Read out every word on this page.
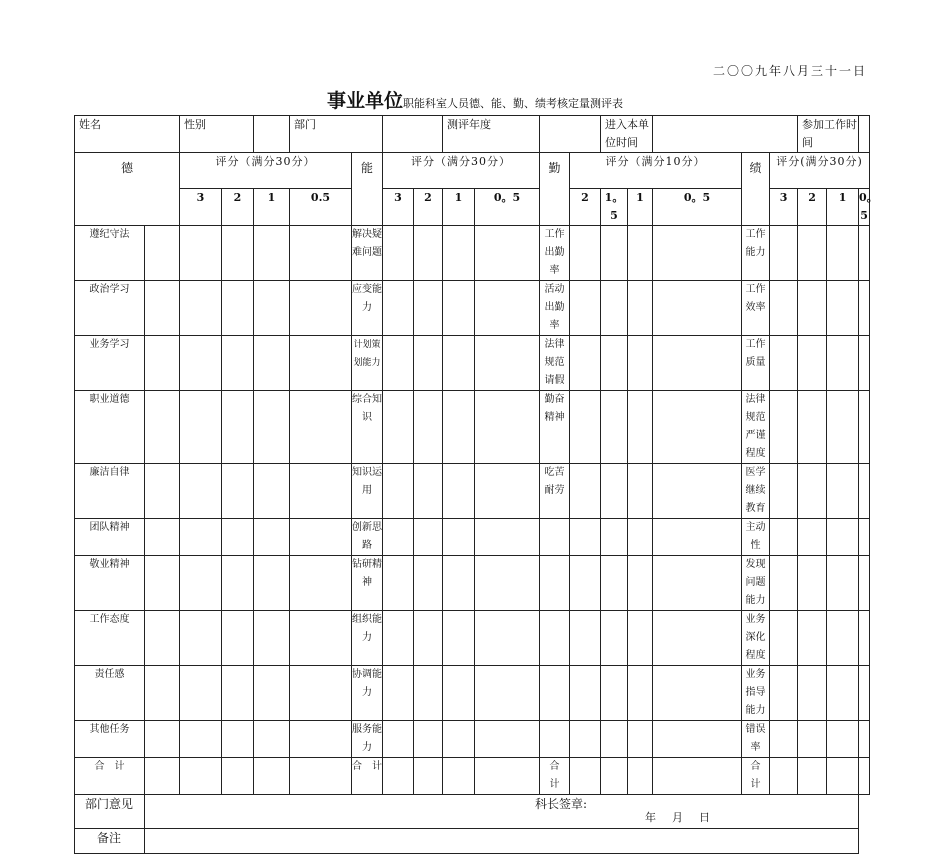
二〇〇九年八月三十一日
事业单位职能科室人员德、能、勤、绩考核定量测评表
姓名		性别			部门				测评年度				进入本单位时间					参加工作时间		
德		评分（满分30分）				能	评分（满分30分）				勤	评分（满分10分）				绩	评分(满分30分)			
		3	2	1	0.5		3	2	1	0。5		2	1。5	1	0。5		3	2	1	0。5
遵纪守法						解决疑难问题					工作出勤率					工作能力				
政治学习						应变能力					活动出勤率					工作效率				
业务学习						计划策划能力					法律规范请假					工作质量				
职业道德						综合知识					勤奋精神					法律规范严谨程度				
廉洁自律						知识运用					吃苦耐劳					医学继续教育				
团队精神						创新思路										主动性				
敬业精神						钻研精神										发现问题能力				
工作态度						组织能力										业务深化程度				
责任感						协调能力										业务指导能力				
其他任务						服务能力										错误率				
合　计						合　计					合　计					合　计				
部门意见	科长签章:
年月日																			

备注																				
